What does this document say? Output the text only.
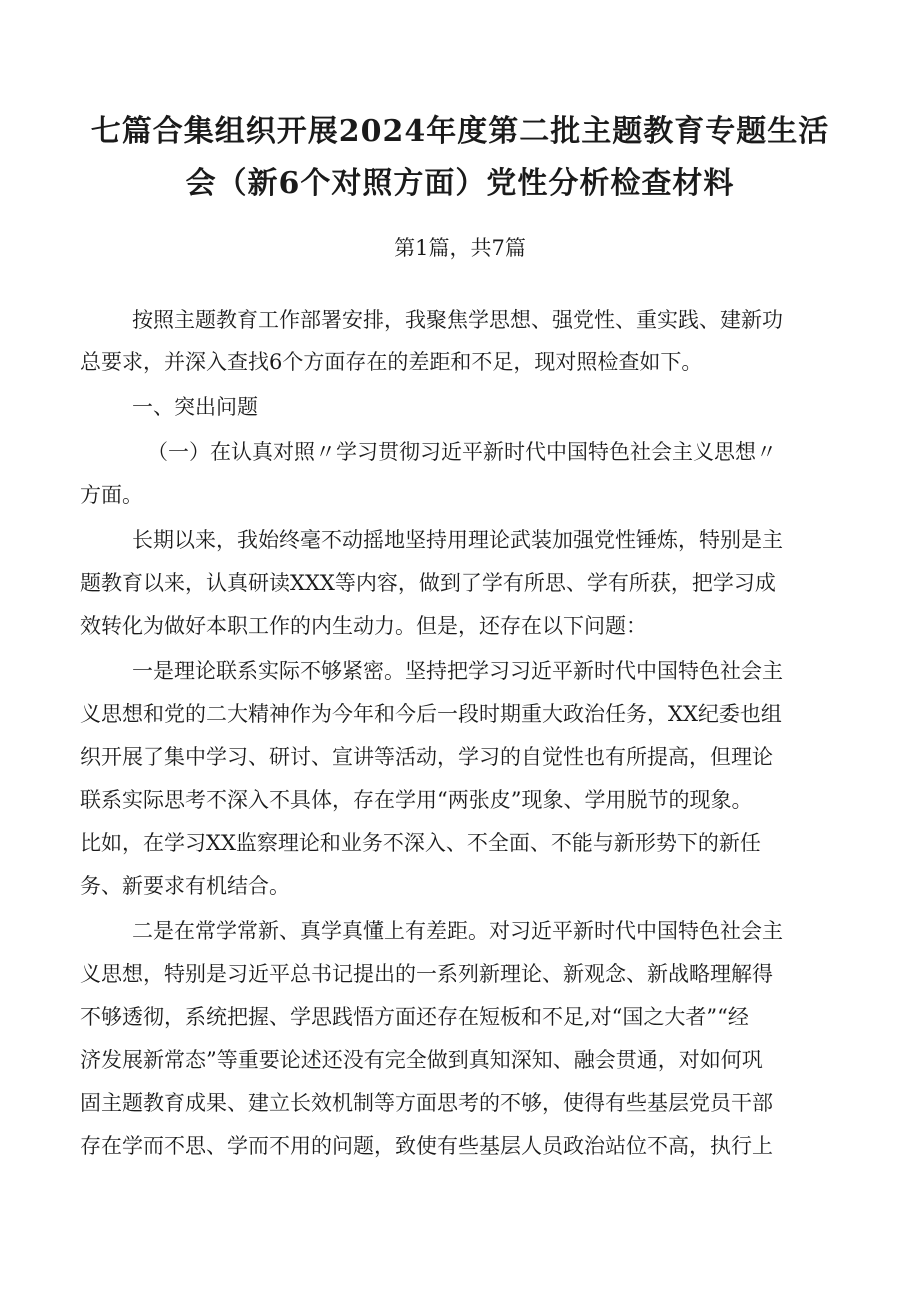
七篇合集组织开展2024年度第二批主题教育专题生活
会（新6个对照方面）党性分析检查材料

第1篇，共7篇

按照主题教育工作部署安排，我聚焦学思想、强党性、重实践、建新功

总要求，并深入查找6个方面存在的差距和不足，现对照检查如下。

一、突出问题

（一）在认真对照〃学习贯彻习近平新时代中国特色社会主义思想〃

方面。

长期以来，我始终毫不动摇地坚持用理论武装加强党性锤炼，特别是主

题教育以来，认真研读XXX等内容，做到了学有所思、学有所获，把学习成

效转化为做好本职工作的内生动力。但是，还存在以下问题：

一是理论联系实际不够紧密。坚持把学习习近平新时代中国特色社会主

义思想和党的二大精神作为今年和今后一段时期重大政治任务，XX纪委也组

织开展了集中学习、研讨、宣讲等活动，学习的自觉性也有所提高，但理论

联系实际思考不深入不具体，存在学用“两张皮”现象、学用脱节的现象。

比如，在学习XX监察理论和业务不深入、不全面、不能与新形势下的新任

务、新要求有机结合。

二是在常学常新、真学真懂上有差距。对习近平新时代中国特色社会主

义思想，特别是习近平总书记提出的一系列新理论、新观念、新战略理解得

不够透彻，系统把握、学思践悟方面还存在短板和不足,对“国之大者”“经

济发展新常态”等重要论述还没有完全做到真知深知、融会贯通，对如何巩

固主题教育成果、建立长效机制等方面思考的不够，使得有些基层党员干部

存在学而不思、学而不用的问题，致使有些基层人员政治站位不高，执行上
